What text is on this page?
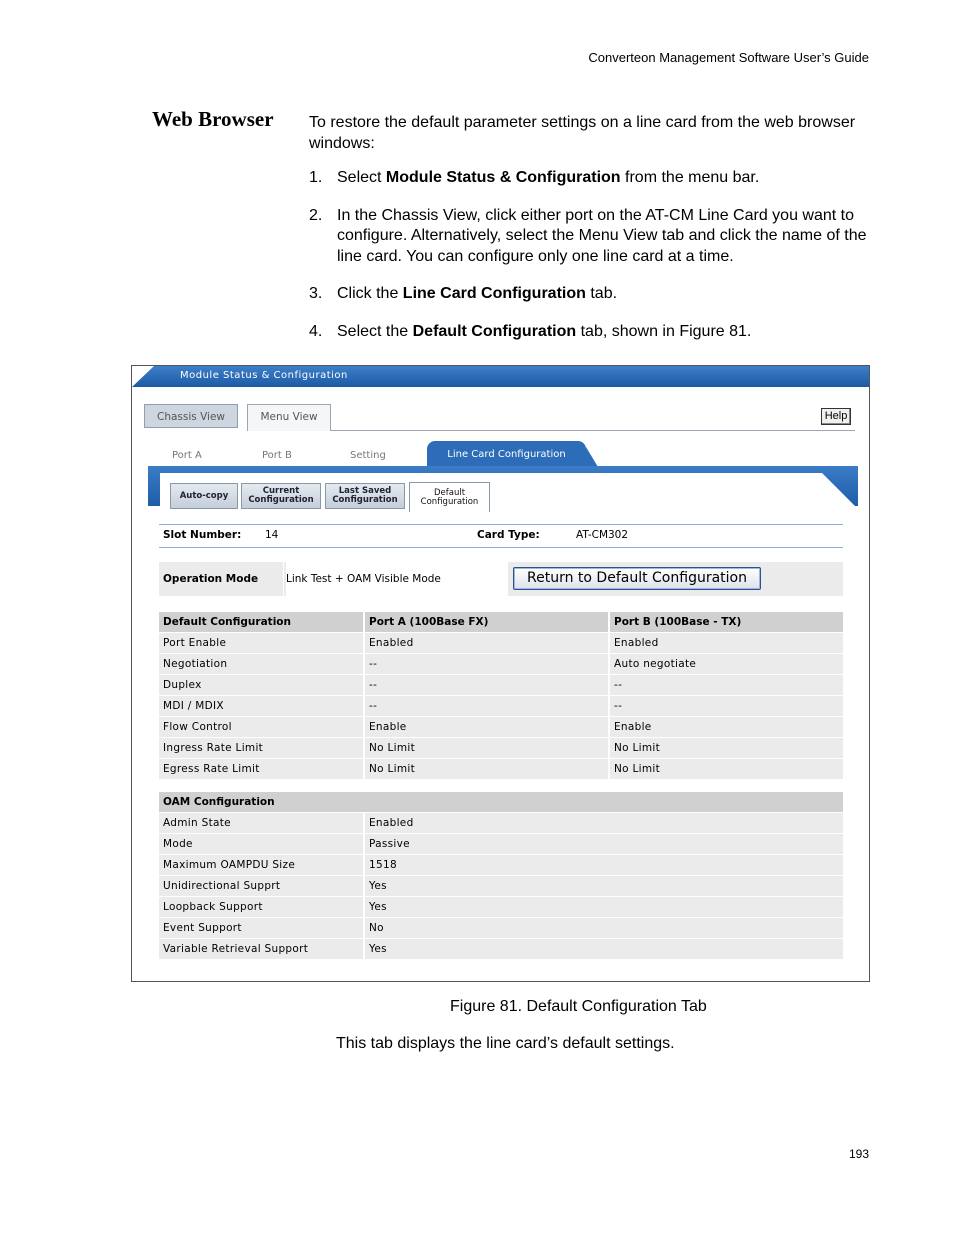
Converteon Management Software User’s Guide
Web Browser To restore the default parameter settings on a line card from the web browser windows:
1. Select Module Status & Configuration from the menu bar.
2. In the Chassis View, click either port on the AT-CM Line Card you want to configure. Alternatively, select the Menu View tab and click the name of the line card. You can configure only one line card at a time.
3. Click the Line Card Configuration tab.
4. Select the Default Configuration tab, shown in Figure 81.
Module Status & Configuration
Chassis View	Menu View	Help
Port A	Port B	Setting	Line Card Configuration
Auto-copy	Current
Configuration
Last Saved
Configuration
Default
Configuration
Slot Number: 14	Card Type:	AT-CM302
Operation Mode	Link Test + OAM Visible Mode	Return to Default Configuration
Default Configuration	Port A (100Base FX)	Port B (100Base - TX)
Port Enable	Enabled	Enabled
Negotiation	--	Auto negotiate
Duplex	--	--
MDI / MDIX	--	--
Flow Control	Enable	Enable
Ingress Rate Limit	No Limit	No Limit
Egress Rate Limit	No Limit	No Limit
OAM Configuration	
Admin State	Enabled
Mode	Passive
Maximum OAMPDU Size	1518
Unidirectional Supprt	Yes
Loopback Support	Yes
Event Support	No
Variable Retrieval Support	Yes
Figure 81. Default Configuration Tab
This tab displays the line card’s default settings.
193
